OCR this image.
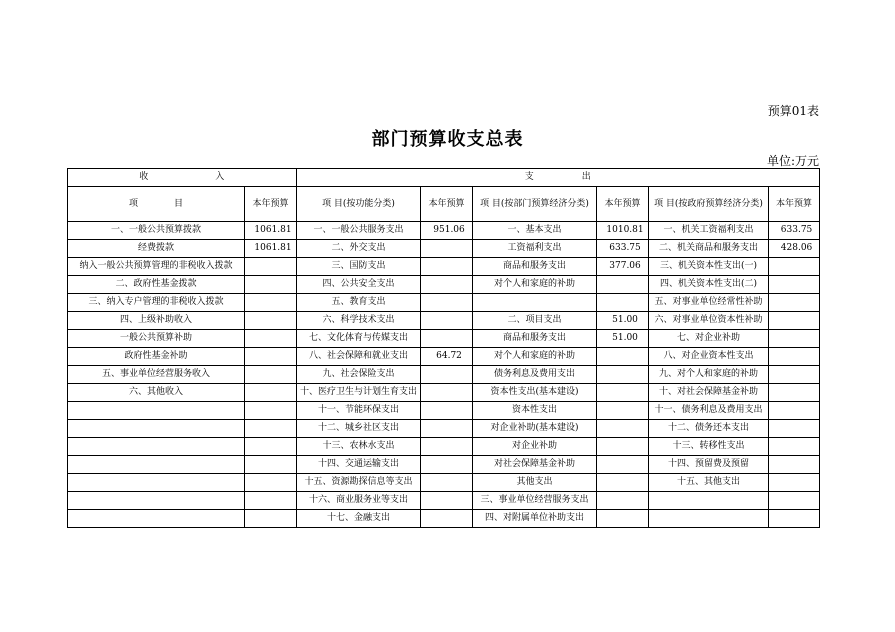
预算01表
部门预算收支总表
单位:万元
收　　　　　　　入		支　　　　　出					
项　　　　目	本年预算	项 目(按功能分类)	本年预算	项 目(按部门预算经济分类)	本年预算	项 目(按政府预算经济分类)	本年预算
一、一般公共预算拨款	1061.81	一、一般公共服务支出	951.06	一、基本支出	1010.81	一、机关工资福利支出	633.75
经费拨款	1061.81	二、外交支出		工资福利支出	633.75	二、机关商品和服务支出	428.06
纳入一般公共预算管理的非税收入拨款		三、国防支出		商品和服务支出	377.06	三、机关资本性支出(一)	
二、政府性基金拨款		四、公共安全支出		对个人和家庭的补助		四、机关资本性支出(二)	
三、纳入专户管理的非税收入拨款		五、教育支出				五、对事业单位经常性补助	
四、上级补助收入		六、科学技术支出		二、项目支出	51.00	六、对事业单位资本性补助	
一般公共预算补助		七、文化体育与传媒支出		商品和服务支出	51.00	七、对企业补助	
政府性基金补助		八、社会保障和就业支出	64.72	对个人和家庭的补助		八、对企业资本性支出	
五、事业单位经营服务收入		九、社会保险支出		债务利息及费用支出		九、对个人和家庭的补助	
六、其他收入		十、医疗卫生与计划生育支出		资本性支出(基本建设)		十、对社会保障基金补助	
		十一、节能环保支出		资本性支出		十一、债务利息及费用支出	
		十二、城乡社区支出		对企业补助(基本建设)		十二、债务还本支出	
		十三、农林水支出		对企业补助		十三、转移性支出	
		十四、交通运输支出		对社会保障基金补助		十四、预留费及预留	
		十五、资源勘探信息等支出		其他支出		十五、其他支出	
		十六、商业服务业等支出		三、事业单位经营服务支出			
		十七、金融支出		四、对附属单位补助支出			
